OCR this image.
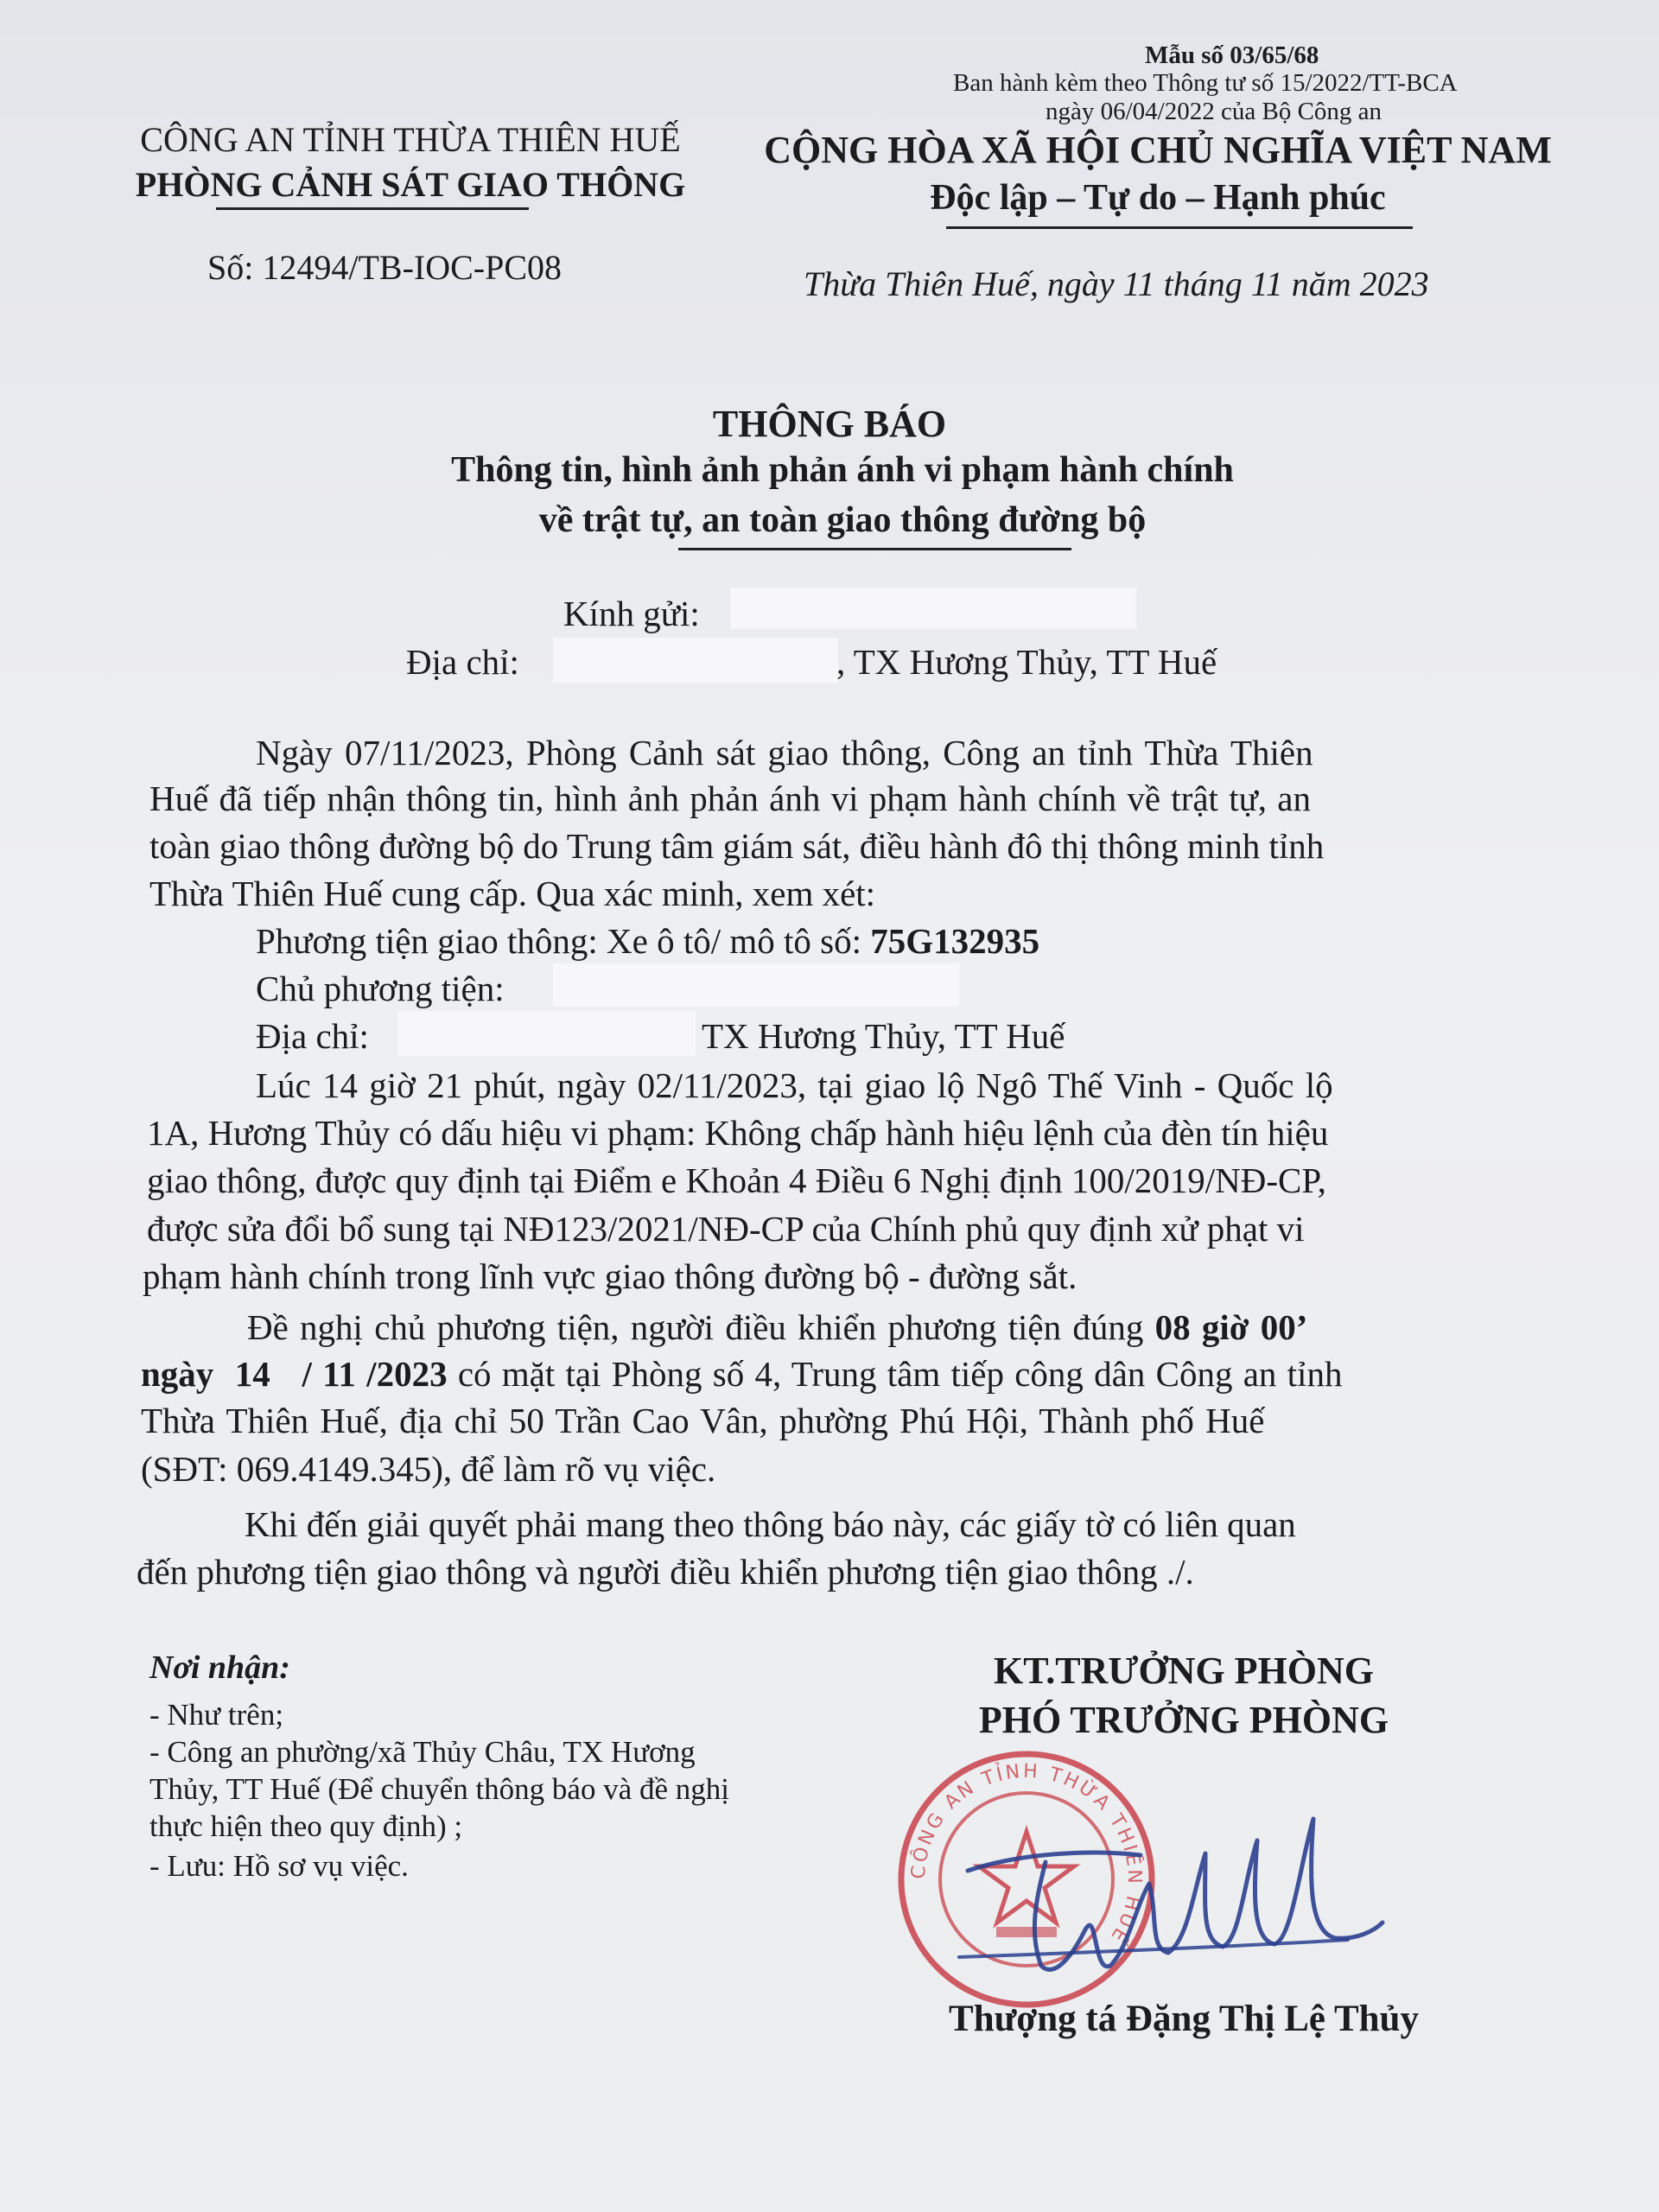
Mẫu số 03/65/68
Ban hành kèm theo Thông tư số 15/2022/TT-BCA
ngày 06/04/2022 của Bộ Công an
CÔNG AN TỈNH THỪA THIÊN HUẾ
PHÒNG CẢNH SÁT GIAO THÔNG
Số: 12494/TB-IOC-PC08
CỘNG HÒA XÃ HỘI CHỦ NGHĨA VIỆT NAM
Độc lập – Tự do – Hạnh phúc
Thừa Thiên Huế, ngày 11 tháng 11 năm 2023
THÔNG BÁO
Thông tin, hình ảnh phản ánh vi phạm hành chính
về trật tự, an toàn giao thông đường bộ
Kính gửi:
Địa chỉ:	, TX Hương Thủy, TT Huế
Ngày 07/11/2023, Phòng Cảnh sát giao thông, Công an tỉnh Thừa Thiên
Huế đã tiếp nhận thông tin, hình ảnh phản ánh vi phạm hành chính về trật tự, an
toàn giao thông đường bộ do Trung tâm giám sát, điều hành đô thị thông minh tỉnh
Thừa Thiên Huế cung cấp. Qua xác minh, xem xét:
Phương tiện giao thông: Xe ô tô/ mô tô số: 75G132935
Chủ phương tiện:
Địa chỉ:	TX Hương Thủy, TT Huế
Lúc 14 giờ 21 phút, ngày 02/11/2023, tại giao lộ Ngô Thế Vinh - Quốc lộ
1A, Hương Thủy có dấu hiệu vi phạm: Không chấp hành hiệu lệnh của đèn tín hiệu
giao thông, được quy định tại Điểm e Khoản 4 Điều 6 Nghị định 100/2019/NĐ-CP,
được sửa đổi bổ sung tại NĐ123/2021/NĐ-CP của Chính phủ quy định xử phạt vi
phạm hành chính trong lĩnh vực giao thông đường bộ - đường sắt.
Đề nghị chủ phương tiện, người điều khiển phương tiện đúng 08 giờ 00’
ngày  14   / 11 /2023 có mặt tại Phòng số 4, Trung tâm tiếp công dân Công an tỉnh
Thừa Thiên Huế, địa chỉ 50 Trần Cao Vân, phường Phú Hội, Thành phố Huế
(SĐT: 069.4149.345), để làm rõ vụ việc.
Khi đến giải quyết phải mang theo thông báo này, các giấy tờ có liên quan
đến phương tiện giao thông và người điều khiển phương tiện giao thông ./.
Nơi nhận:
- Như trên;
- Công an phường/xã Thủy Châu, TX Hương
Thủy, TT Huế (Để chuyển thông báo và đề nghị
thực hiện theo quy định) ;
- Lưu: Hồ sơ vụ việc.
KT.TRƯỞNG PHÒNG
PHÓ TRƯỞNG PHÒNG
CÔNG AN TỈNH THỪA THIÊN HUẾ
Thượng tá Đặng Thị Lệ Thủy
